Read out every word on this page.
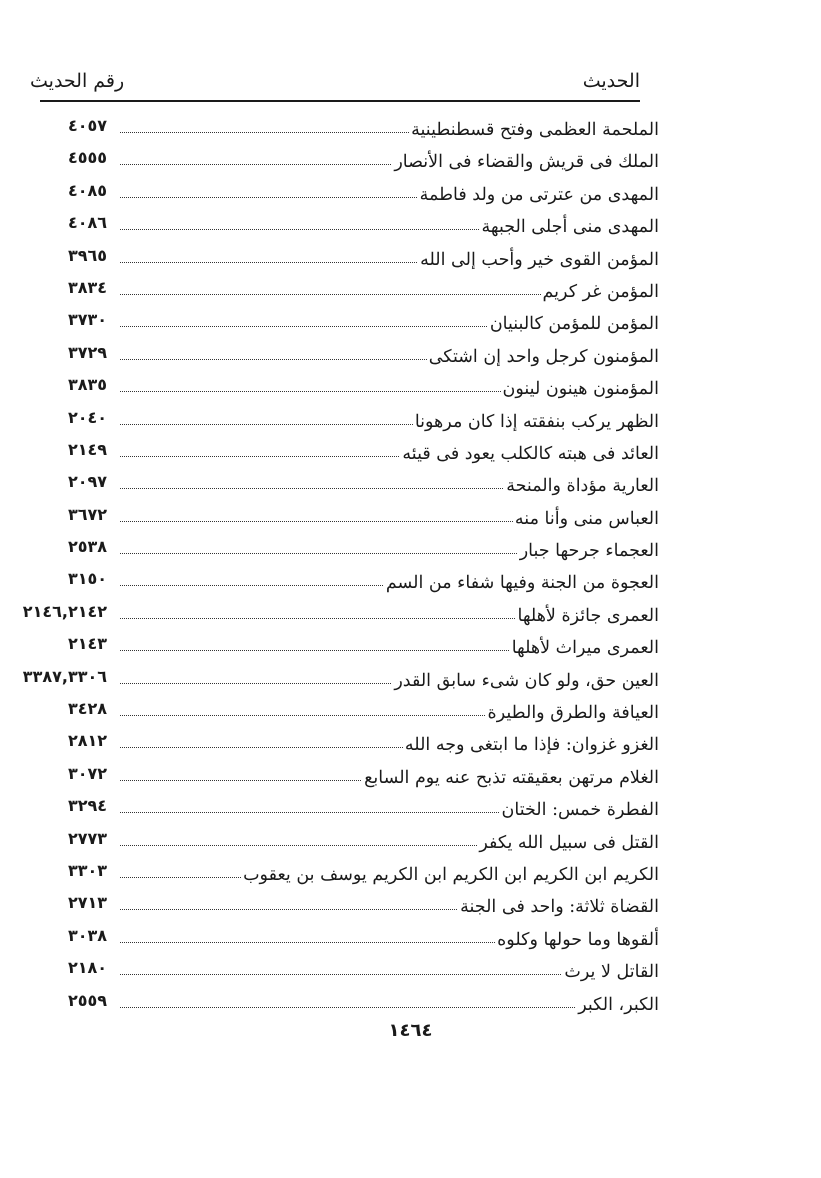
الحديث
رقم الحديث
الملحمة العظمى وفتح قسطنطينية
٤٠٥٧
الملك فى قريش والقضاء فى الأنصار
٤٥٥٥
المهدى من عترتى من ولد فاطمة
٤٠٨٥
المهدى منى أجلى الجبهة
٤٠٨٦
المؤمن القوى خير وأحب إلى الله
٣٩٦٥
المؤمن غر كريم
٣٨٣٤
المؤمن للمؤمن كالبنيان
٣٧٣٠
المؤمنون كرجل واحد إن اشتكى
٣٧٢٩
المؤمنون هينون لينون
٣٨٣٥
الظهر يركب بنفقته إذا كان مرهونا
٢٠٤٠
العائد فى هبته كالكلب يعود فى قيئه
٢١٤٩
العارية مؤداة والمنحة
٢٠٩٧
العباس منى وأنا منه
٣٦٧٢
العجماء جرحها جبار
٢٥٣٨
العجوة من الجنة وفيها شفاء من السم
٣١٥٠
العمرى جائزة لأهلها
٢١٤٦,٢١٤٢
العمرى ميراث لأهلها
٢١٤٣
العين حق، ولو كان شىء سابق القدر
٣٣٨٧,٣٣٠٦
العيافة والطرق والطيرة
٣٤٢٨
الغزو غزوان: فإذا ما ابتغى وجه الله
٢٨١٢
الغلام مرتهن بعقيقته تذبح عنه يوم السابع
٣٠٧٢
الفطرة خمس: الختان
٣٢٩٤
القتل فى سبيل الله يكفر
٢٧٧٣
الكريم ابن الكريم ابن الكريم ابن الكريم يوسف بن يعقوب
٣٣٠٣
القضاة ثلاثة: واحد فى الجنة
٢٧١٣
ألقوها وما حولها وكلوه
٣٠٣٨
القاتل لا يرث
٢١٨٠
الكبر، الكبر
٢٥٥٩
١٤٦٤
